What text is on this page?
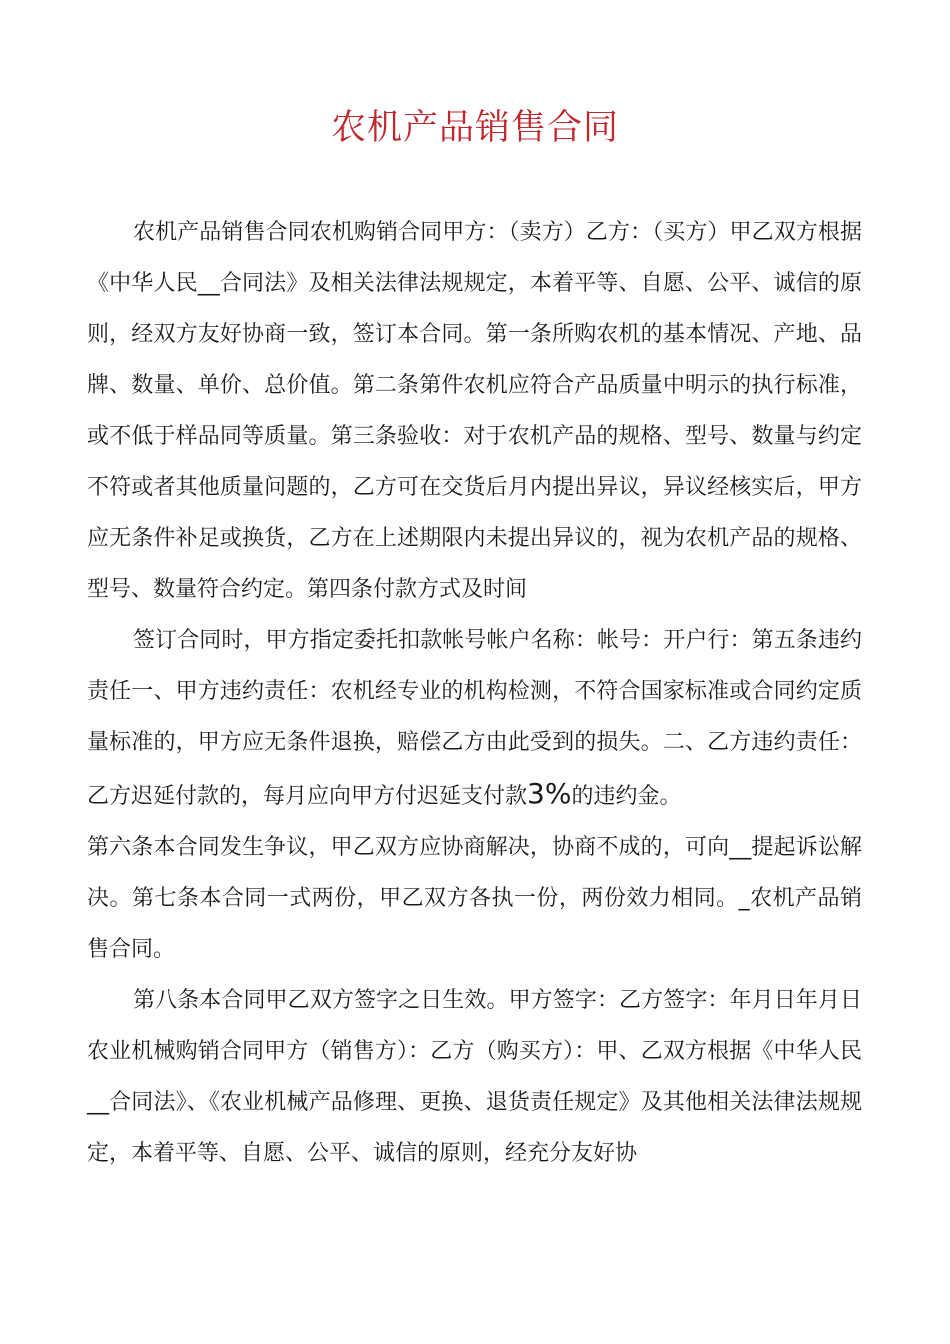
农机产品销售合同

农机产品销售合同农机购销合同甲方：（卖方）乙方：（买方）甲乙双方根据《中华人民__合同法》及相关法律法规规定，本着平等、自愿、公平、诚信的原则，经双方友好协商一致，签订本合同。第一条所购农机的基本情况、产地、品牌、数量、单价、总价值。第二条第件农机应符合产品质量中明示的执行标准，或不低于样品同等质量。第三条验收：对于农机产品的规格、型号、数量与约定不符或者其他质量问题的，乙方可在交货后月内提出异议，异议经核实后，甲方应无条件补足或换货，乙方在上述期限内未提出异议的，视为农机产品的规格、型号、数量符合约定。第四条付款方式及时间

签订合同时，甲方指定委托扣款帐号帐户名称：帐号：开户行：第五条违约责任一、甲方违约责任：农机经专业的机构检测，不符合国家标准或合同约定质量标准的，甲方应无条件退换，赔偿乙方由此受到的损失。二、乙方违约责任：乙方迟延付款的，每月应向甲方付迟延支付款3%的违约金。

第六条本合同发生争议，甲乙双方应协商解决，协商不成的，可向__提起诉讼解决。第七条本合同一式两份，甲乙双方各执一份，两份效力相同。_农机产品销售合同。

第八条本合同甲乙双方签字之日生效。甲方签字：乙方签字：年月日年月日农业机械购销合同甲方（销售方）：乙方（购买方）：甲、乙双方根据《中华人民__合同法》、《农业机械产品修理、更换、退货责任规定》及其他相关法律法规规定，本着平等、自愿、公平、诚信的原则，经充分友好协
